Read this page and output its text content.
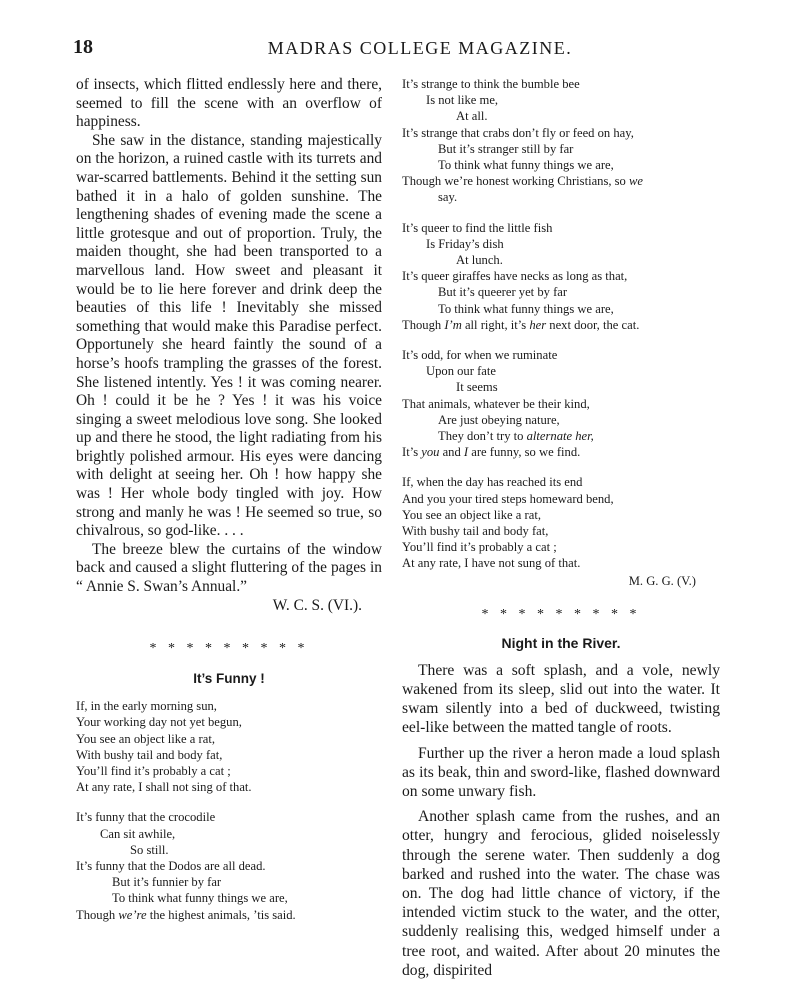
18	MADRAS COLLEGE MAGAZINE.

of insects, which flitted endlessly here and there, seemed to fill the scene with an overflow of happiness.

She saw in the distance, standing majestically on the horizon, a ruined castle with its turrets and war-scarred battlements. Behind it the setting sun bathed it in a halo of golden sunshine. The lengthening shades of evening made the scene a little grotesque and out of proportion. Truly, the maiden thought, she had been transported to a marvellous land. How sweet and pleasant it would be to lie here forever and drink deep the beauties of this life ! Inevitably she missed something that would make this Paradise perfect. Opportunely she heard faintly the sound of a horse’s hoofs trampling the grasses of the forest. She listened intently. Yes ! it was coming nearer. Oh ! could it be he ? Yes ! it was his voice singing a sweet melodious love song. She looked up and there he stood, the light radiating from his brightly polished armour. His eyes were dancing with delight at seeing her. Oh ! how happy she was ! Her whole body tingled with joy. How strong and manly he was ! He seemed so true, so chivalrous, so god-like. . . .

The breeze blew the curtains of the window back and caused a slight fluttering of the pages in “ Annie S. Swan’s Annual.”

W. C. S. (VI.).
* * * * * * * * *
It’s Funny !
If, in the early morning sun,
Your working day not yet begun,
You see an object like a rat,
With bushy tail and body fat,
You’ll find it’s probably a cat ;
At any rate, I shall not sing of that.
It’s funny that the crocodile
Can sit awhile,
So still.
It’s funny that the Dodos are all dead.
But it’s funnier by far
To think what funny things we are,
Though we’re the highest animals, ’tis said.
It’s strange to think the bumble bee
Is not like me,
At all.
It’s strange that crabs don’t fly or feed on hay,
But it’s stranger still by far
To think what funny things we are,
Though we’re honest working Christians, so we
say.
It’s queer to find the little fish
Is Friday’s dish
At lunch.
It’s queer giraffes have necks as long as that,
But it’s queerer yet by far
To think what funny things we are,
Though I’m all right, it’s her next door, the cat.
It’s odd, for when we ruminate
Upon our fate
It seems
That animals, whatever be their kind,
Are just obeying nature,
They don’t try to alternate her,
It’s you and I are funny, so we find.
If, when the day has reached its end
And you your tired steps homeward bend,
You see an object like a rat,
With bushy tail and body fat,
You’ll find it’s probably a cat ;
At any rate, I have not sung of that.
M. G. G. (V.)
* * * * * * * * *
Night in the River.

There was a soft splash, and a vole, newly wakened from its sleep, slid out into the water. It swam silently into a bed of duckweed, twisting eel-like between the matted tangle of roots.

Further up the river a heron made a loud splash as its beak, thin and sword-like, flashed downward on some unwary fish.

Another splash came from the rushes, and an otter, hungry and ferocious, glided noiselessly through the serene water. Then suddenly a dog barked and rushed into the water. The chase was on. The dog had little chance of victory, if the intended victim stuck to the water, and the otter, suddenly realising this, wedged himself under a tree root, and waited. After about 20 minutes the dog, dispirited
